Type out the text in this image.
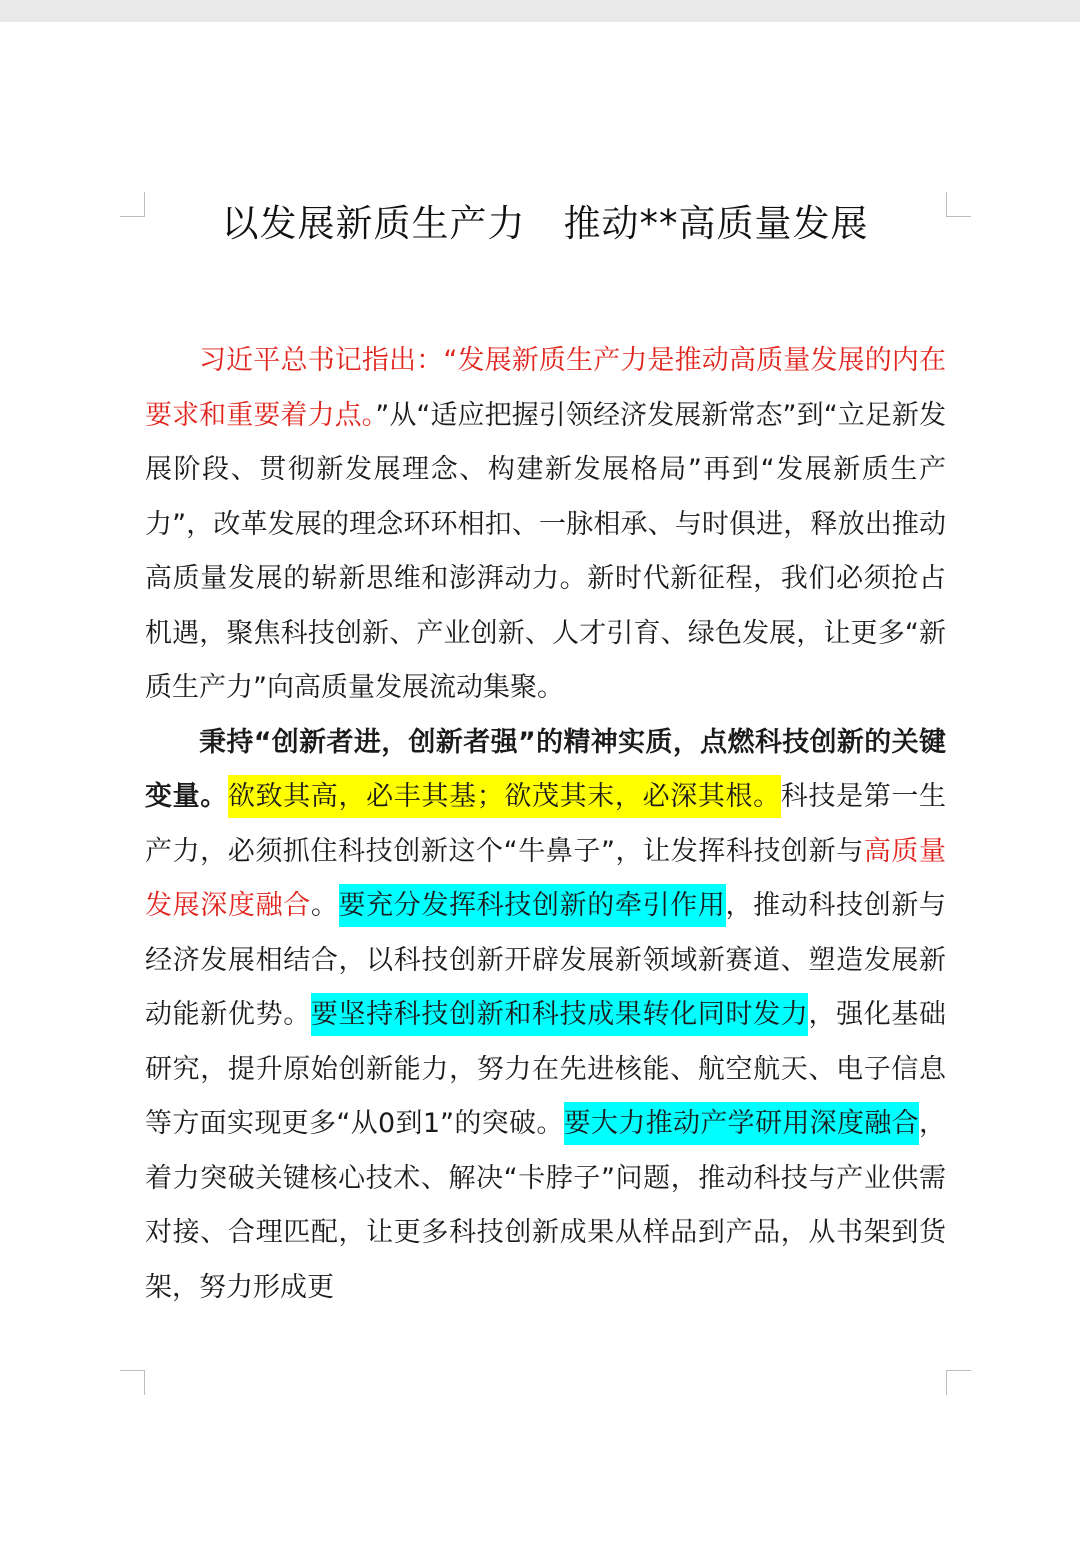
以发展新质生产力　推动**高质量发展

习近平总书记指出：“发展新质生产力是推动高质量发展的内在要求和重要着力点。”从“适应把握引领经济发展新常态”到“立足新发展阶段、贯彻新发展理念、构建新发展格局”再到“发展新质生产力”，改革发展的理念环环相扣、一脉相承、与时俱进，释放出推动高质量发展的崭新思维和澎湃动力。新时代新征程，我们必须抢占机遇，聚焦科技创新、产业创新、人才引育、绿色发展，让更多“新质生产力”向高质量发展流动集聚。

秉持“创新者进，创新者强”的精神实质，点燃科技创新的关键变量。欲致其高，必丰其基；欲茂其末，必深其根。科技是第一生产力，必须抓住科技创新这个“牛鼻子”，让发挥科技创新与高质量发展深度融合。要充分发挥科技创新的牵引作用，推动科技创新与经济发展相结合，以科技创新开辟发展新领域新赛道、塑造发展新动能新优势。要坚持科技创新和科技成果转化同时发力，强化基础研究，提升原始创新能力，努力在先进核能、航空航天、电子信息等方面实现更多“从0到1”的突破。要大力推动产学研用深度融合，着力突破关键核心技术、解决“卡脖子”问题，推动科技与产业供需对接、合理匹配，让更多科技创新成果从样品到产品，从书架到货架，努力形成更
